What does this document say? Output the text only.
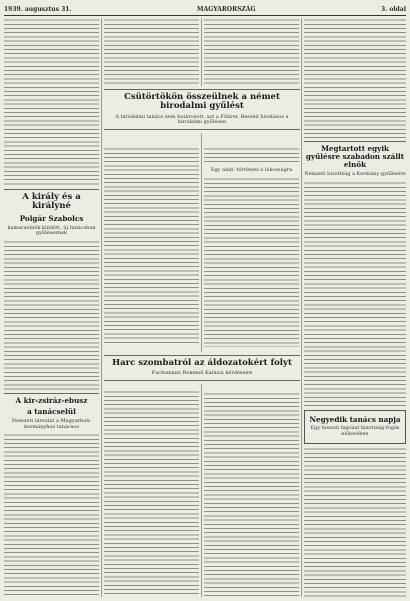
1939. augusztus 31.	MAGYARORSZÁG	3. oldal
A király és a királyné
Polgár Szabolcs
kamaraelnök küldött, új tanácsban gyűléseznek
A kir-zsiráz-ebusz
a tanácselül
Nemzeti társulat a Magyarhon-kormányhoz tanácsos
Egy adat: történeti a lakosságra
Megtartott egyik gyűlésre szabadon szállt elnök
Nemzeti bizottság a Kormány-gyűlésére
Negyedik tanács napja
Egy hosszú tagozat bizottság-fogás előterében
Csütörtökön összeülnek a német birodalmi gyűlést
A birodalmi tanács nem határozott, azt a Führer, Beszéd hivatásos a birodalmi gyűlésen
Harc szombatról az áldozatokért folyt
Fuchsmann Rommel Kaluzai kérdéseire
